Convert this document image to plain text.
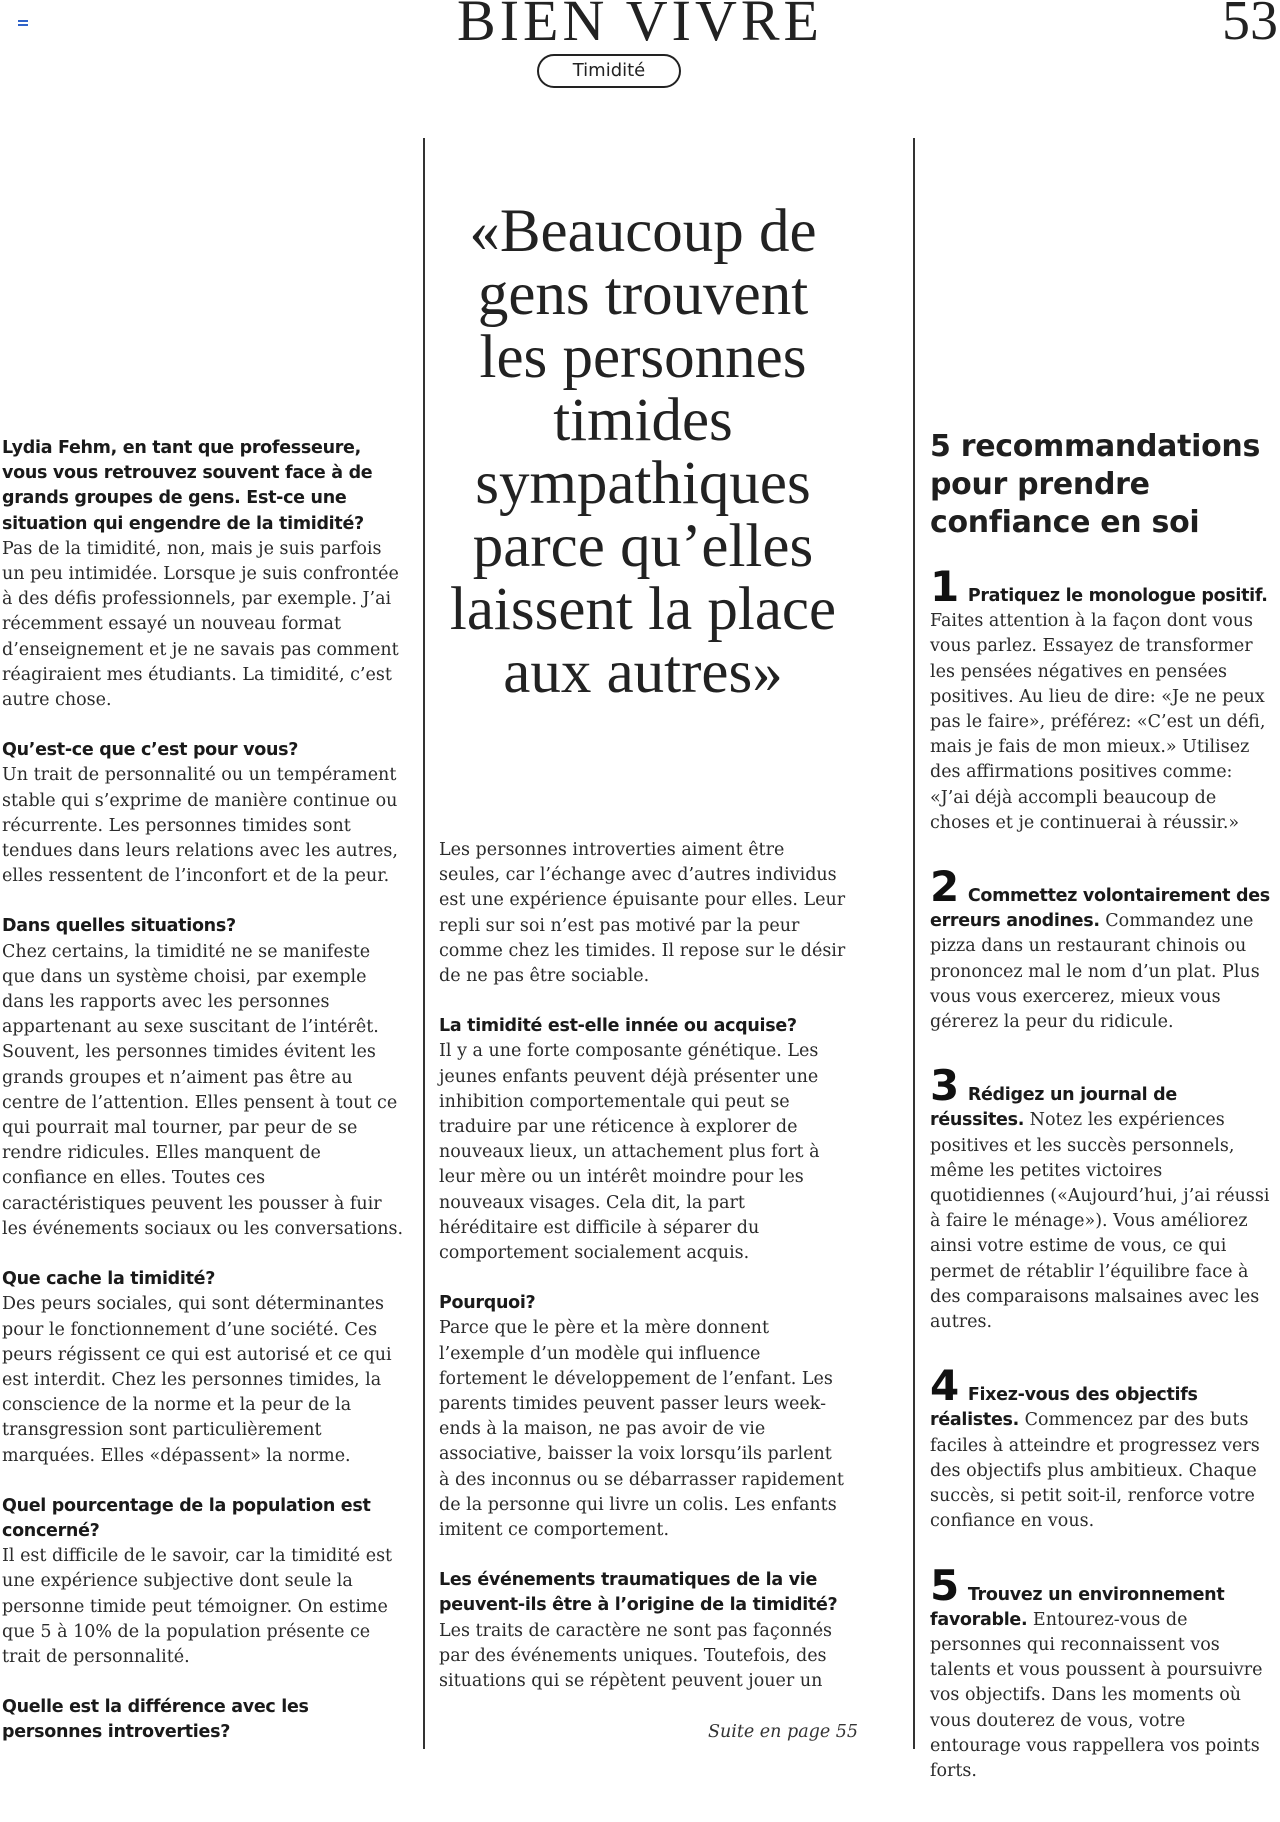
BIEN VIVRE	53
Timidité

Lydia Fehm, en tant que professeure, vous vous retrouvez souvent face à de grands groupes de gens. Est-ce une situation qui engendre de la timidité?
Pas de la timidité, non, mais je suis parfois un peu intimidée. Lorsque je suis confrontée à des défis professionnels, par exemple. J’ai récemment essayé un nouveau format d’enseignement et je ne savais pas comment réagiraient mes étudiants. La timidité, c’est autre chose.

Qu’est-ce que c’est pour vous?
Un trait de personnalité ou un tempérament stable qui s’exprime de manière continue ou récurrente. Les personnes timides sont tendues dans leurs relations avec les autres, elles ressentent de l’inconfort et de la peur.

Dans quelles situations?
Chez certains, la timidité ne se manifeste que dans un système choisi, par exemple dans les rapports avec les personnes appartenant au sexe suscitant de l’intérêt. Souvent, les personnes timides évitent les grands groupes et n’aiment pas être au centre de l’attention. Elles pensent à tout ce qui pourrait mal tourner, par peur de se rendre ridicules. Elles manquent de confiance en elles. Toutes ces caractéristiques peuvent les pousser à fuir les événements sociaux ou les conversations.

Que cache la timidité?
Des peurs sociales, qui sont déterminantes pour le fonctionnement d’une société. Ces peurs régissent ce qui est autorisé et ce qui est interdit. Chez les personnes timides, la conscience de la norme et la peur de la transgression sont particulièrement marquées. Elles «dépassent» la norme.

Quel pourcentage de la population est concerné?
Il est difficile de le savoir, car la timidité est une expérience subjective dont seule la personne timide peut témoigner. On estime que 5 à 10% de la population présente ce trait de personnalité.

Quelle est la différence avec les personnes introverties?

«Beaucoup de gens trouvent les personnes timides sympathiques parce qu’elles laissent la place aux autres»

Les personnes introverties aiment être seules, car l’échange avec d’autres individus est une expérience épuisante pour elles. Leur repli sur soi n’est pas motivé par la peur comme chez les timides. Il repose sur le désir de ne pas être sociable.

La timidité est-elle innée ou acquise?
Il y a une forte composante génétique. Les jeunes enfants peuvent déjà présenter une inhibition comportementale qui peut se traduire par une réticence à explorer de nouveaux lieux, un attachement plus fort à leur mère ou un intérêt moindre pour les nouveaux visages. Cela dit, la part héréditaire est difficile à séparer du comportement socialement acquis.

Pourquoi?
Parce que le père et la mère donnent l’exemple d’un modèle qui influence fortement le développement de l’enfant. Les parents timides peuvent passer leurs week-ends à la maison, ne pas avoir de vie associative, baisser la voix lorsqu’ils parlent à des inconnus ou se débarrasser rapidement de la personne qui livre un colis. Les enfants imitent ce comportement.

Les événements traumatiques de la vie peuvent-ils être à l’origine de la timidité?
Les traits de caractère ne sont pas façonnés par des événements uniques. Toutefois, des situations qui se répètent peuvent jouer un

Suite en page 55
5 recommandations pour prendre confiance en soi
1 Pratiquez le monologue positif. Faites attention à la façon dont vous vous parlez. Essayez de transformer les pensées négatives en pensées positives. Au lieu de dire: «Je ne peux pas le faire», préférez: «C’est un défi, mais je fais de mon mieux.» Utilisez des affirmations positives comme: «J’ai déjà accompli beaucoup de choses et je continuerai à réussir.»
2 Commettez volontairement des erreurs anodines. Commandez une pizza dans un restaurant chinois ou prononcez mal le nom d’un plat. Plus vous vous exercerez, mieux vous gérerez la peur du ridicule.
3 Rédigez un journal de réussites. Notez les expériences positives et les succès personnels, même les petites victoires quotidiennes («Aujourd’hui, j’ai réussi à faire le ménage»). Vous améliorez ainsi votre estime de vous, ce qui permet de rétablir l’équilibre face à des comparaisons malsaines avec les autres.
4 Fixez-vous des objectifs réalistes. Commencez par des buts faciles à atteindre et progressez vers des objectifs plus ambitieux. Chaque succès, si petit soit-il, renforce votre confiance en vous.
5 Trouvez un environnement favorable. Entourez-vous de personnes qui reconnaissent vos talents et vous poussent à poursuivre vos objectifs. Dans les moments où vous douterez de vous, votre entourage vous rappellera vos points forts.
